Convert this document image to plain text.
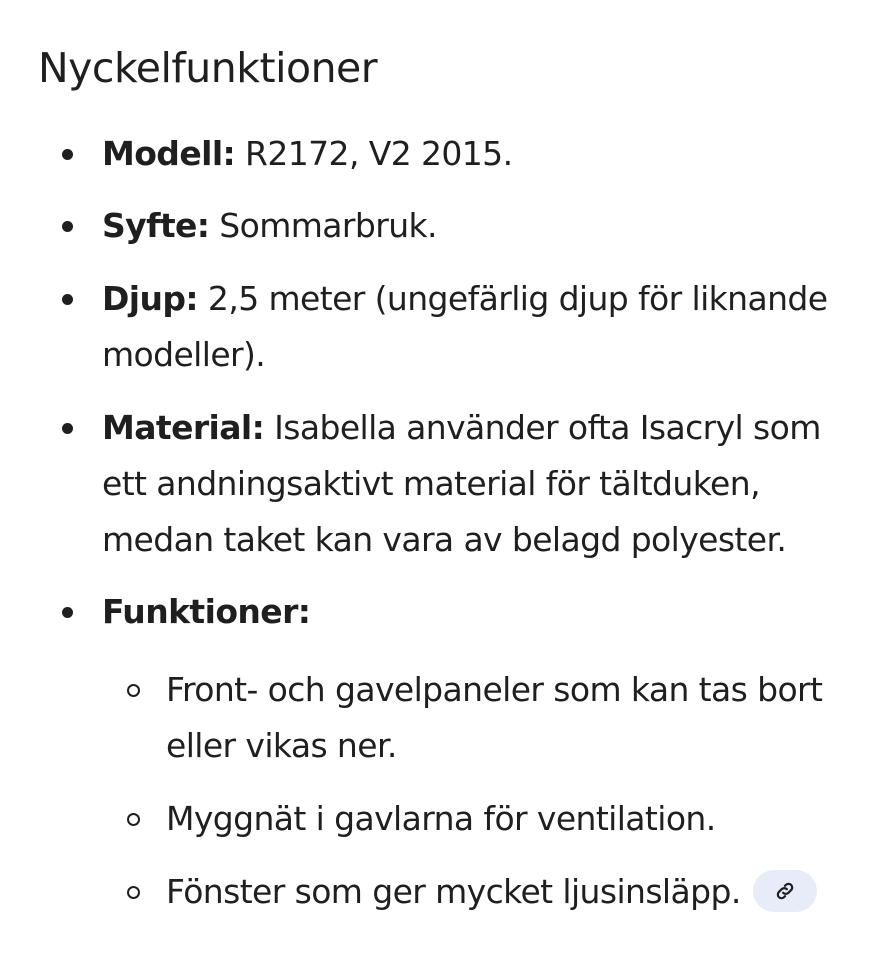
Nyckelfunktioner
Modell: R2172, V2 2015.
Syfte: Sommarbruk.
Djup: 2,5 meter (ungefärlig djup för liknande
modeller).
Material: Isabella använder ofta Isacryl som
ett andningsaktivt material för tältduken,
medan taket kan vara av belagd polyester.
Funktioner:
Front- och gavelpaneler som kan tas bort
eller vikas ner.
Myggnät i gavlarna för ventilation.
Fönster som ger mycket ljusinsläpp.
